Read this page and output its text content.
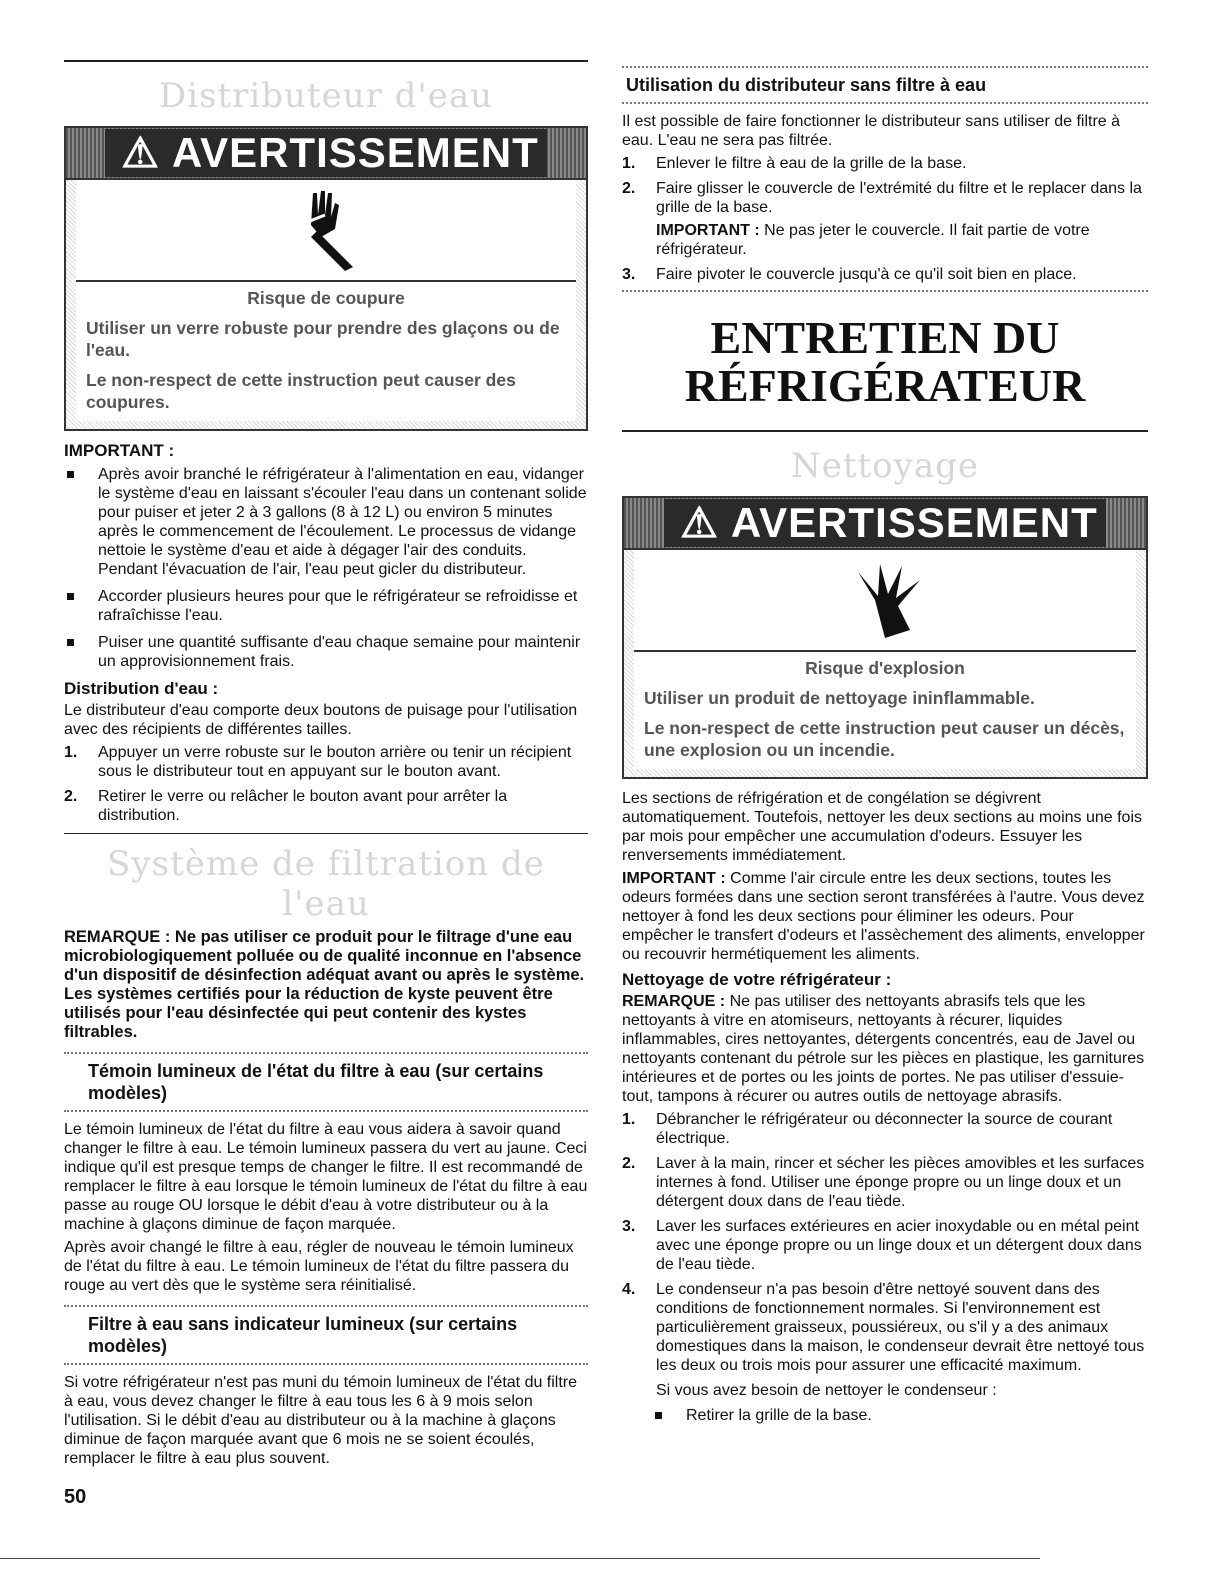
Distributeur d'eau
⚠ AVERTISSEMENT
Risque de coupure

Utiliser un verre robuste pour prendre des glaçons ou de l'eau.

Le non-respect de cette instruction peut causer des coupures.

IMPORTANT :
Après avoir branché le réfrigérateur à l'alimentation en eau, vidanger le système d'eau en laissant s'écouler l'eau dans un contenant solide pour puiser et jeter 2 à 3 gallons (8 à 12 L) ou environ 5 minutes après le commencement de l'écoulement. Le processus de vidange nettoie le système d'eau et aide à dégager l'air des conduits. Pendant l'évacuation de l'air, l'eau peut gicler du distributeur.
Accorder plusieurs heures pour que le réfrigérateur se refroidisse et rafraîchisse l'eau.
Puiser une quantité suffisante d'eau chaque semaine pour maintenir un approvisionnement frais.
Distribution d'eau :

Le distributeur d'eau comporte deux boutons de puisage pour l'utilisation avec des récipients de différentes tailles.

1. Appuyer un verre robuste sur le bouton arrière ou tenir un récipient sous le distributeur tout en appuyant sur le bouton avant.
2. Retirer le verre ou relâcher le bouton avant pour arrêter la distribution.
Système de filtration de l'eau

REMARQUE : Ne pas utiliser ce produit pour le filtrage d'une eau microbiologiquement polluée ou de qualité inconnue en l'absence d'un dispositif de désinfection adéquat avant ou après le système. Les systèmes certifiés pour la réduction de kyste peuvent être utilisés pour l'eau désinfectée qui peut contenir des kystes filtrables.

Témoin lumineux de l'état du filtre à eau (sur certains modèles)

Le témoin lumineux de l'état du filtre à eau vous aidera à savoir quand changer le filtre à eau. Le témoin lumineux passera du vert au jaune. Ceci indique qu'il est presque temps de changer le filtre. Il est recommandé de remplacer le filtre à eau lorsque le témoin lumineux de l'état du filtre à eau passe au rouge OU lorsque le débit d'eau à votre distributeur ou à la machine à glaçons diminue de façon marquée.

Après avoir changé le filtre à eau, régler de nouveau le témoin lumineux de l'état du filtre à eau. Le témoin lumineux de l'état du filtre passera du rouge au vert dès que le système sera réinitialisé.

Filtre à eau sans indicateur lumineux (sur certains modèles)

Si votre réfrigérateur n'est pas muni du témoin lumineux de l'état du filtre à eau, vous devez changer le filtre à eau tous les 6 à 9 mois selon l'utilisation. Si le débit d'eau au distributeur ou à la machine à glaçons diminue de façon marquée avant que 6 mois ne se soient écoulés, remplacer le filtre à eau plus souvent.

Utilisation du distributeur sans filtre à eau

Il est possible de faire fonctionner le distributeur sans utiliser de filtre à eau. L'eau ne sera pas filtrée.

1. Enlever le filtre à eau de la grille de la base.
2. Faire glisser le couvercle de l'extrémité du filtre et le replacer dans la grille de la base.
IMPORTANT : Ne pas jeter le couvercle. Il fait partie de votre réfrigérateur.
3. Faire pivoter le couvercle jusqu'à ce qu'il soit bien en place.
ENTRETIEN DU
RÉFRIGÉRATEUR
Nettoyage
⚠ AVERTISSEMENT
Risque d'explosion

Utiliser un produit de nettoyage ininflammable.

Le non-respect de cette instruction peut causer un décès, une explosion ou un incendie.

Les sections de réfrigération et de congélation se dégivrent automatiquement. Toutefois, nettoyer les deux sections au moins une fois par mois pour empêcher une accumulation d'odeurs. Essuyer les renversements immédiatement.

IMPORTANT : Comme l'air circule entre les deux sections, toutes les odeurs formées dans une section seront transférées à l'autre. Vous devez nettoyer à fond les deux sections pour éliminer les odeurs. Pour empêcher le transfert d'odeurs et l'assèchement des aliments, envelopper ou recouvrir hermétiquement les aliments.

Nettoyage de votre réfrigérateur :

REMARQUE : Ne pas utiliser des nettoyants abrasifs tels que les nettoyants à vitre en atomiseurs, nettoyants à récurer, liquides inflammables, cires nettoyantes, détergents concentrés, eau de Javel ou nettoyants contenant du pétrole sur les pièces en plastique, les garnitures intérieures et de portes ou les joints de portes. Ne pas utiliser d'essuie-tout, tampons à récurer ou autres outils de nettoyage abrasifs.

1. Débrancher le réfrigérateur ou déconnecter la source de courant électrique.
2. Laver à la main, rincer et sécher les pièces amovibles et les surfaces internes à fond. Utiliser une éponge propre ou un linge doux et un détergent doux dans de l'eau tiède.
3. Laver les surfaces extérieures en acier inoxydable ou en métal peint avec une éponge propre ou un linge doux et un détergent doux dans de l'eau tiède.
4. Le condenseur n'a pas besoin d'être nettoyé souvent dans des conditions de fonctionnement normales. Si l'environnement est particulièrement graisseux, poussiéreux, ou s'il y a des animaux domestiques dans la maison, le condenseur devrait être nettoyé tous les deux ou trois mois pour assurer une efficacité maximum.
Si vous avez besoin de nettoyer le condenseur :
Retirer la grille de la base.
50
